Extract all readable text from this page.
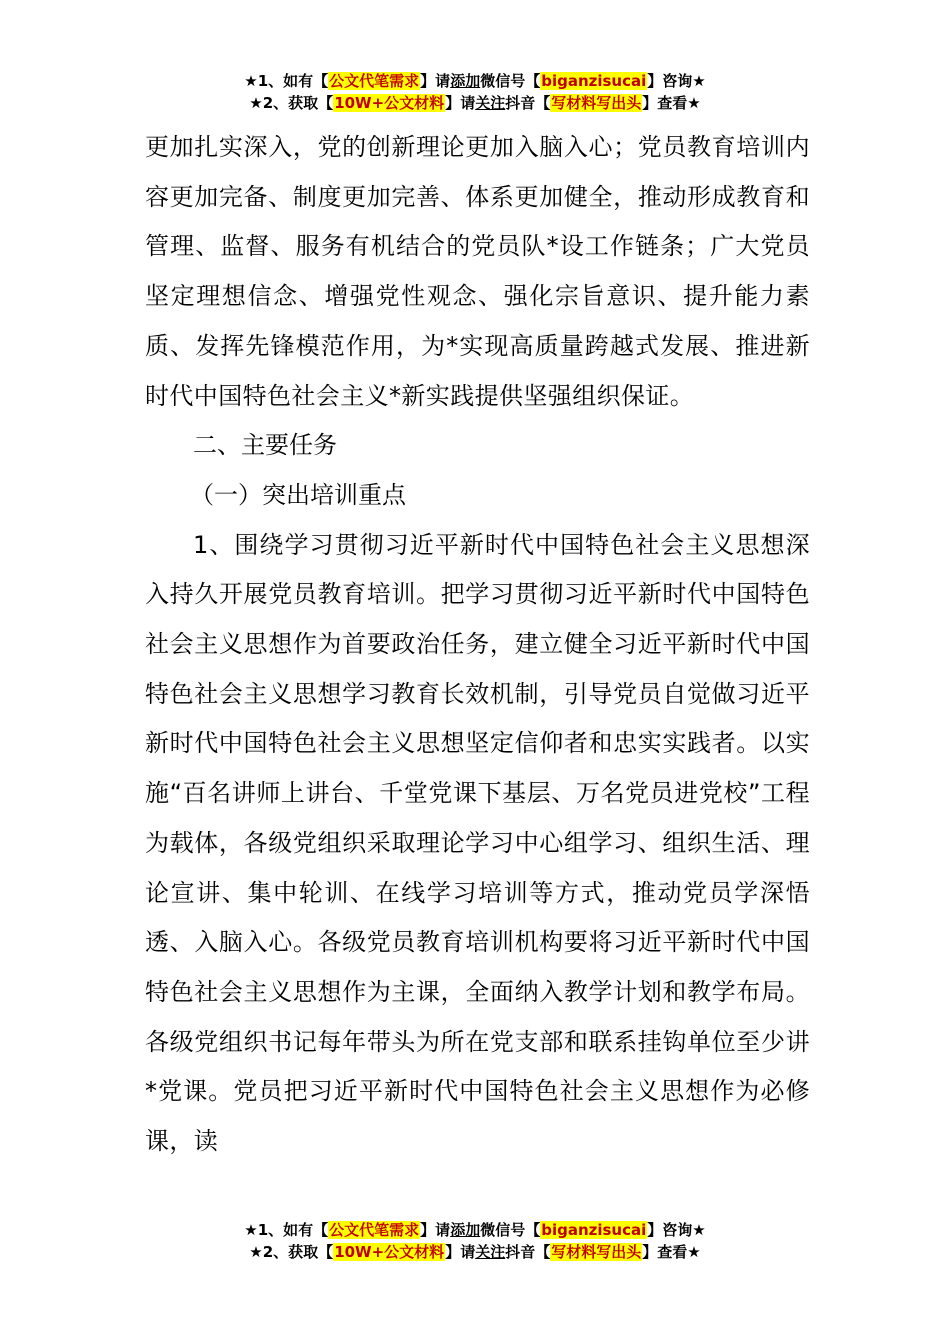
★1、如有【公文代笔需求】请添加微信号【biganzisucai】咨询★
★2、获取【10W+公文材料】请关注抖音【写材料写出头】查看★

更加扎实深入，党的创新理论更加入脑入心；党员教育培训内容更加完备、制度更加完善、体系更加健全，推动形成教育和管理、监督、服务有机结合的党员队*设工作链条；广大党员坚定理想信念、增强党性观念、强化宗旨意识、提升能力素质、发挥先锋模范作用，为*实现高质量跨越式发展、推进新时代中国特色社会主义*新实践提供坚强组织保证。

二、主要任务

（一）突出培训重点

1、围绕学习贯彻习近平新时代中国特色社会主义思想深入持久开展党员教育培训。把学习贯彻习近平新时代中国特色社会主义思想作为首要政治任务，建立健全习近平新时代中国特色社会主义思想学习教育长效机制，引导党员自觉做习近平新时代中国特色社会主义思想坚定信仰者和忠实实践者。以实施“百名讲师上讲台、千堂党课下基层、万名党员进党校”工程为载体，各级党组织采取理论学习中心组学习、组织生活、理论宣讲、集中轮训、在线学习培训等方式，推动党员学深悟透、入脑入心。各级党员教育培训机构要将习近平新时代中国特色社会主义思想作为主课，全面纳入教学计划和教学布局。各级党组织书记每年带头为所在党支部和联系挂钩单位至少讲*党课。党员把习近平新时代中国特色社会主义思想作为必修课，读

★1、如有【公文代笔需求】请添加微信号【biganzisucai】咨询★
★2、获取【10W+公文材料】请关注抖音【写材料写出头】查看★
